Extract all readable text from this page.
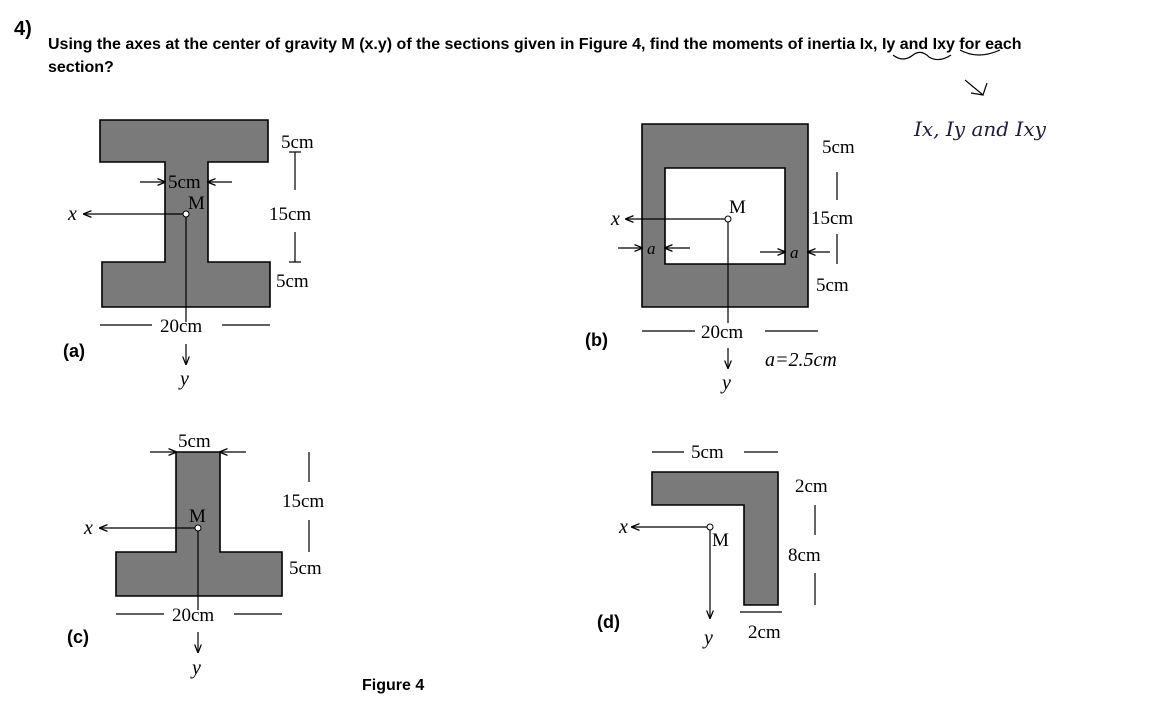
4)
Using the axes at the center of gravity M (x.y) of the sections given in Figure 4, find the moments of inertia Ix, Iy and Ixy for each section?
Ix, Iy and Ixy
M
x
5cm
5cm
15cm
5cm
20cm
y
(a)
M
x
a	a
5cm
15cm
5cm
20cm
y
a=2.5cm
(b)
M
x
5cm
15cm
5cm
20cm
y
(c)
M
x
y
5cm
2cm
8cm
2cm
(d)
Figure 4
